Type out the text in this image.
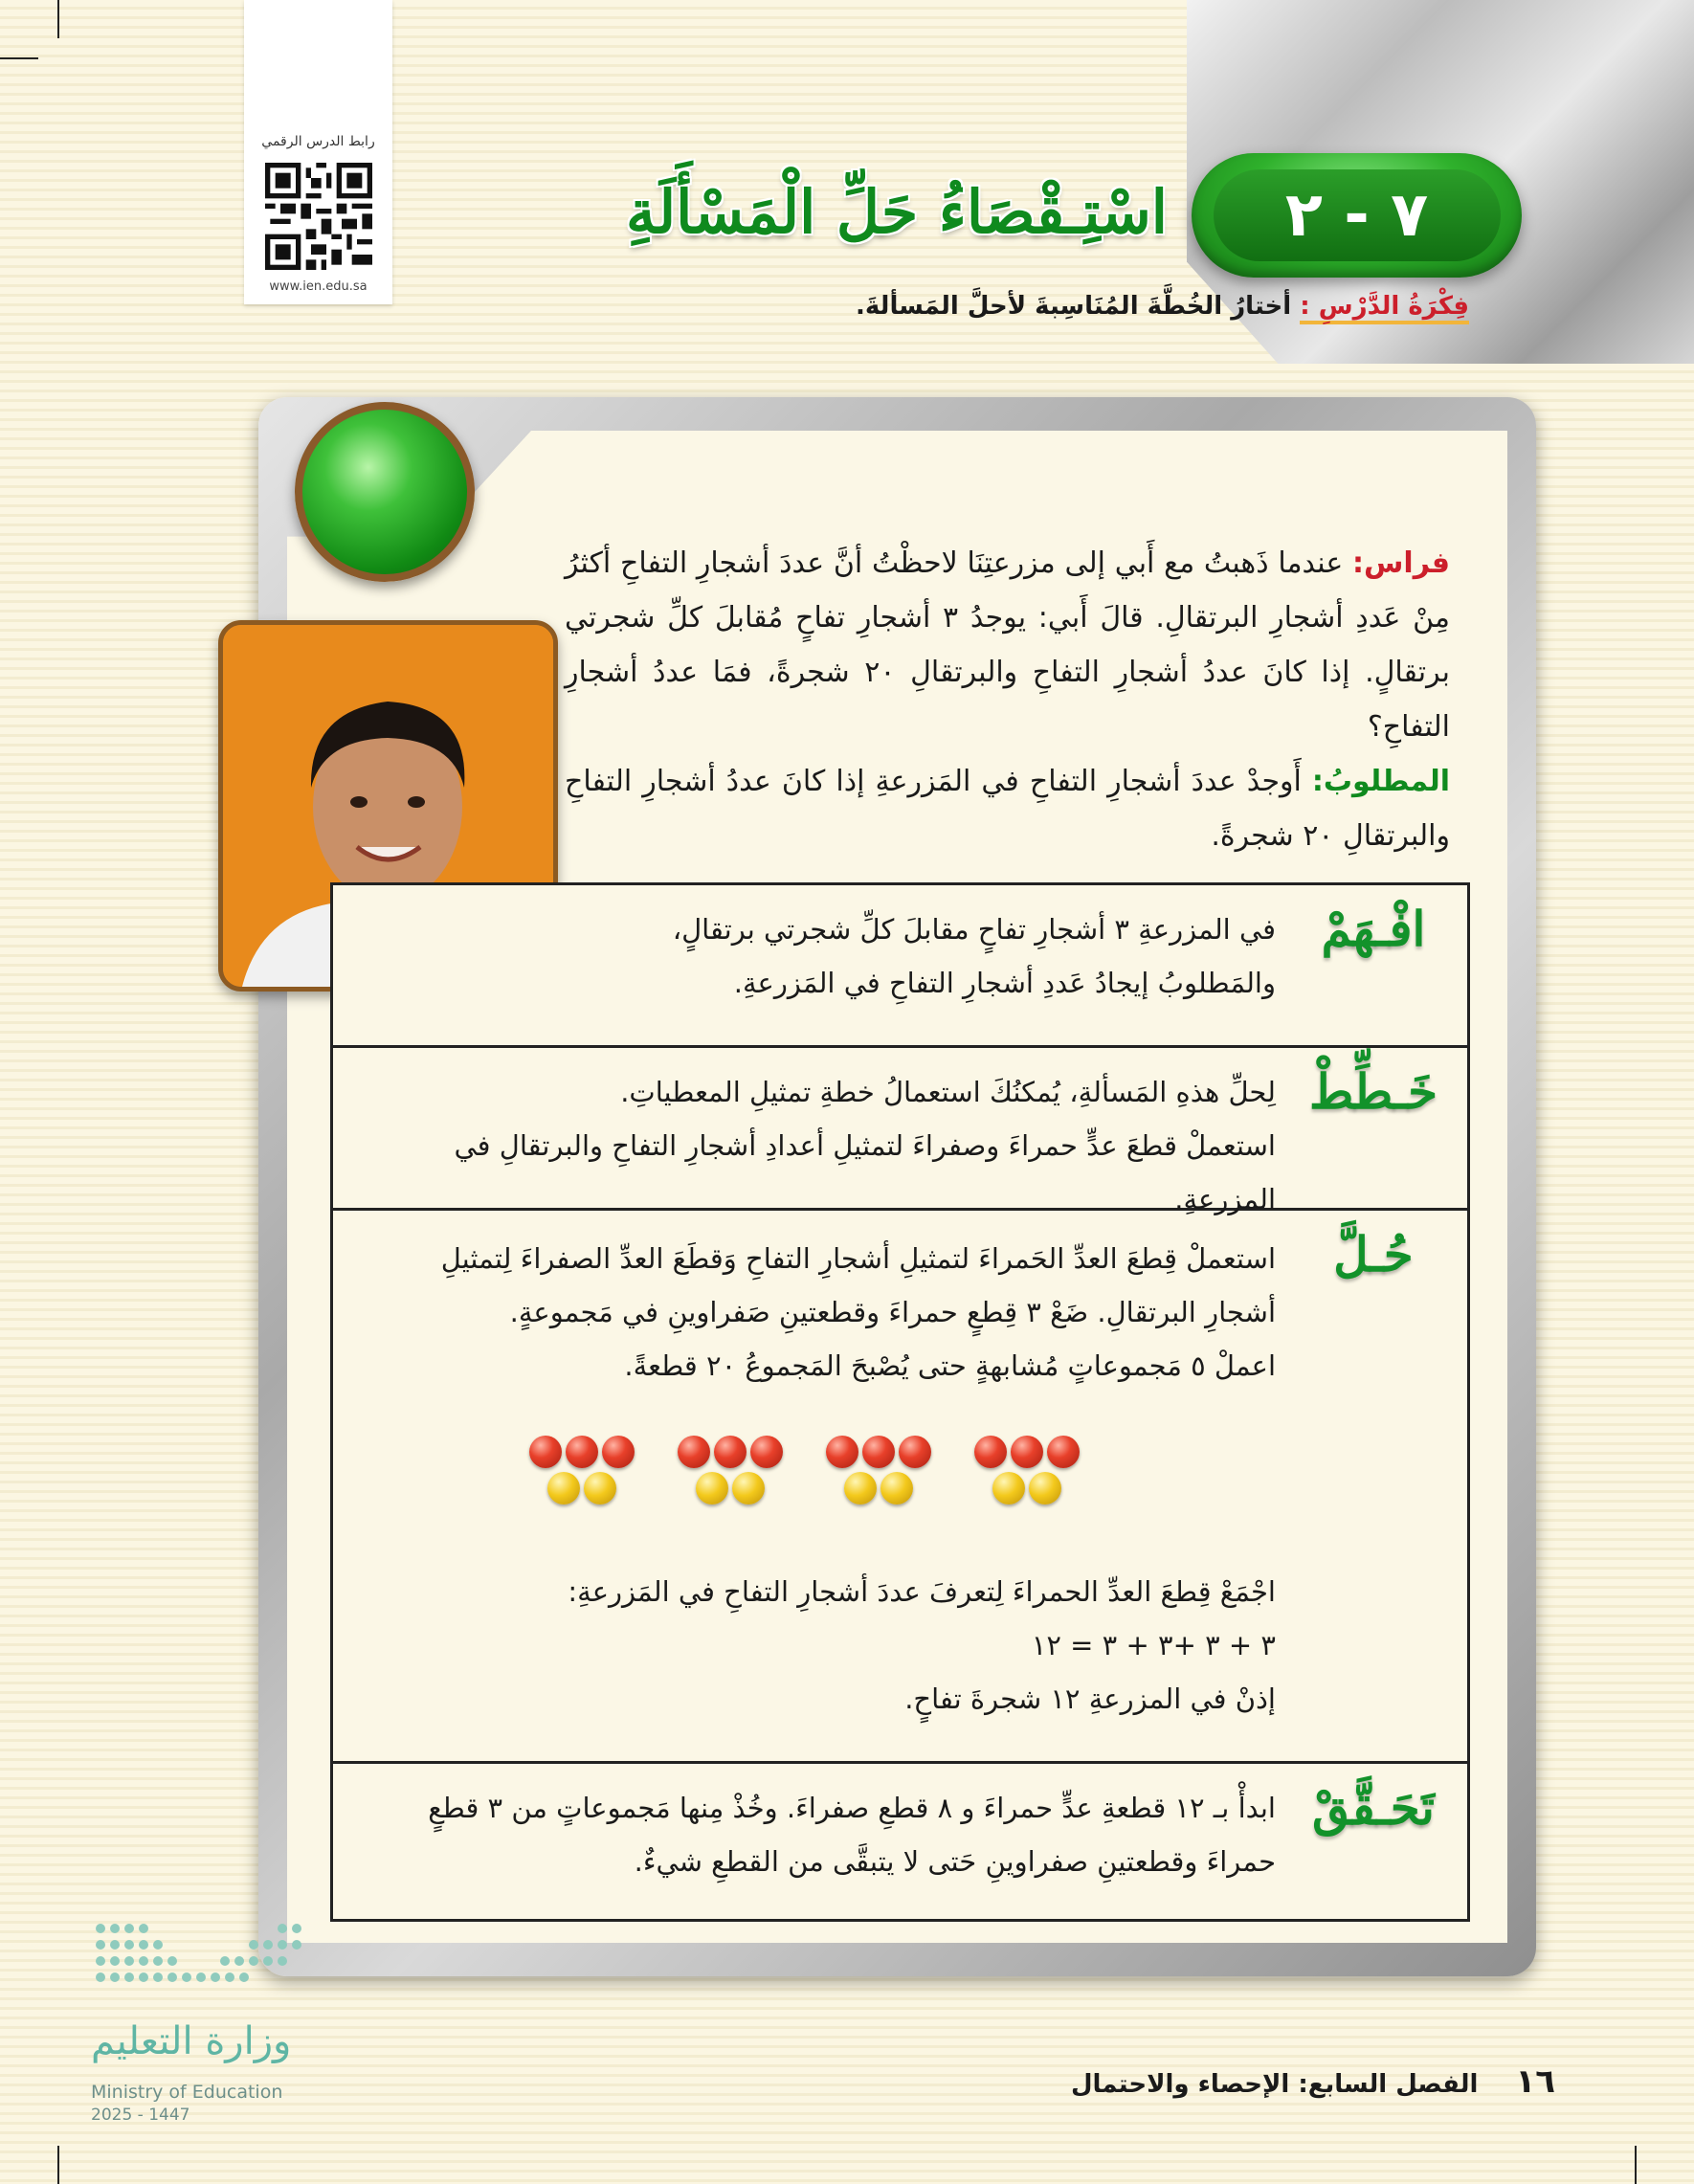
٧ - ٢
اسْتِـقْصَاءُ حَلِّ الْمَسْأَلَةِ
رابط الدرس الرقمي
www.ien.edu.sa
فِكْرَةُ الدَّرْسِ : أختارُ الخُطَّةَ المُنَاسِبةَ لأحلَّ المَسألةَ.

فراس: عندما ذَهبتُ مع أَبي إلى مزرعتِنَا لاحظْتُ أنَّ عددَ أشجارِ التفاحِ أكثرُ مِنْ عَددِ أشجارِ البرتقالِ. قالَ أَبي: يوجدُ ٣ أشجارِ تفاحٍ مُقابلَ كلِّ شجرتي برتقالٍ. إذا كانَ عددُ أشجارِ التفاحِ والبرتقالِ ٢٠ شجرةً، فمَا عددُ أشجارِ التفاحِ؟

المطلوبُ: أَوجدْ عددَ أشجارِ التفاحِ في المَزرعةِ إذا كانَ عددُ أشجارِ التفاحِ والبرتقالِ ٢٠ شجرةً.

افْـهَمْ

في المزرعةِ ٣ أشجارِ تفاحٍ مقابلَ كلِّ شجرتي برتقالٍ،

والمَطلوبُ إيجادُ عَددِ أشجارِ التفاحِ في المَزرعةِ.

خَـطِّطْ

لِحلِّ هذهِ المَسألةِ، يُمكنُكَ استعمالُ خطةِ تمثيلِ المعطياتِ.

استعملْ قطعَ عدٍّ حمراءَ وصفراءَ لتمثيلِ أعدادِ أشجارِ التفاحِ والبرتقالِ في المزرعةِ.

حُـلَّ

استعملْ قِطعَ العدِّ الحَمراءَ لتمثيلِ أشجارِ التفاحِ وَقطَعَ العدِّ الصفراءَ لِتمثيلِ أشجارِ البرتقالِ. ضَعْ ٣ قِطعٍ حمراءَ وقطعتينِ صَفراوينِ في مَجموعةٍ.

اعملْ ٥ مَجموعاتٍ مُشابهةٍ حتى يُصْبحَ المَجموعُ ٢٠ قطعةً.

اجْمَعْ قِطعَ العدِّ الحمراءَ لِتعرفَ عددَ أشجارِ التفاحِ في المَزرعةِ:

٣ + ٣ +٣ + ٣ = ١٢

إذنْ في المزرعةِ ١٢ شجرةَ تفاحٍ.

تَحَـقَّقْ
ابدأْ بـ ١٢ قطعةِ عدٍّ حمراءَ و ٨ قطعِ صفراءَ. وخُذْ مِنها مَجموعاتٍ من ٣ قطعٍ حمراءَ وقطعتينِ صفراوينِ حَتى لا يتبقَّى من القطعِ شيءٌ.
١٦ الفصل السابع: الإحصاء والاحتمال
وزارة التعليم
Ministry of Education
2025 - 1447
